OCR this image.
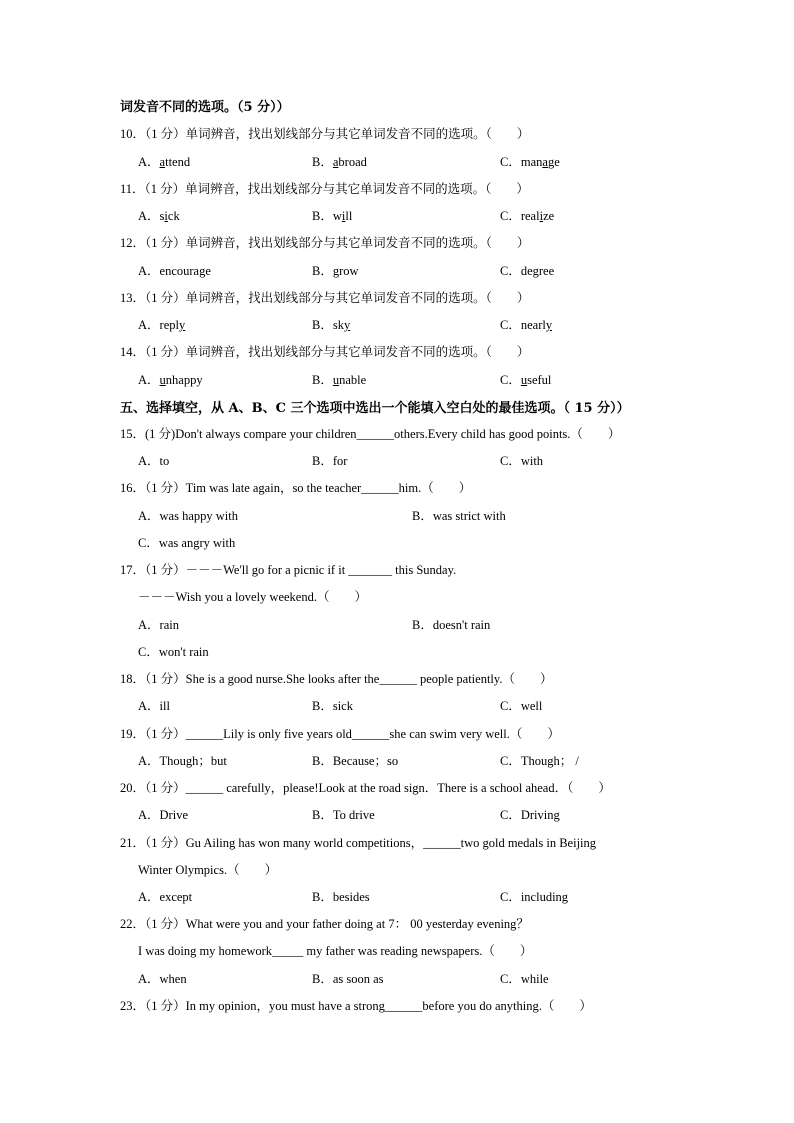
词发音不同的选项。（5 分））
10．（1 分）单词辨音，找出划线部分与其它单词发音不同的选项。（　　）
A．attend	B．abroad	C．manage
11．（1 分）单词辨音，找出划线部分与其它单词发音不同的选项。（　　）
A．sick	B．will	C．realize
12．（1 分）单词辨音，找出划线部分与其它单词发音不同的选项。（　　）
A．encourage	B．grow	C．degree
13．（1 分）单词辨音，找出划线部分与其它单词发音不同的选项。（　　）
A．reply	B．sky	C．nearly
14．（1 分）单词辨音，找出划线部分与其它单词发音不同的选项。（　　）
A．unhappy	B．unable	C．useful
五、选择填空，从 A、B、C 三个选项中选出一个能填入空白处的最佳选项。（ 15 分））
15．(1 分)Don't always compare your children______others.Every child has good points.（　　）
A．to	B．for	C．with
16．（1 分）Tim was late again，so the teacher______him.（　　）
A．was happy with	B．was strict with
C．was angry with
17．（1 分）－－－We'll go for a picnic if it _______ this Sunday.
－－－Wish you a lovely weekend.（　　）
A．rain	B．doesn't rain
C．won't rain
18．（1 分）She is a good nurse.She looks after the______ people patiently.（　　）
A．ill	B．sick	C．well
19．（1 分）______Lily is only five years old______she can swim very well.（　　）
A．Though；but	B．Because；so	C．Though； /
20．（1 分）______ carefully，please!Look at the road sign．There is a school ahead．（　　）
A．Drive	B．To drive	C．Driving
21．（1 分）Gu Ailing has won many world competitions，______two gold medals in Beijing
Winter Olympics.（　　）
A．except	B．besides	C．including
22．（1 分）What were you and your father doing at 7： 00 yesterday evening？
I was doing my homework_____ my father was reading newspapers.（　　）
A．when	B．as soon as	C．while
23．（1 分）In my opinion，you must have a strong______before you do anything.（　　）
